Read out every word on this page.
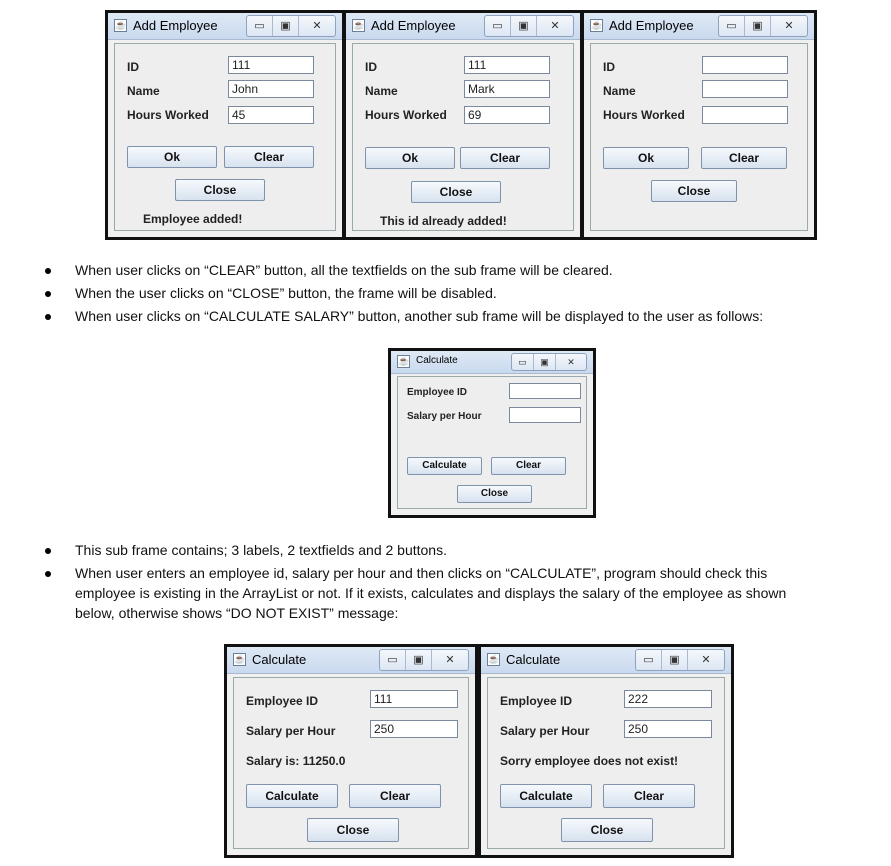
☕ Add Employee	▭	▣	✕
ID	111
Name	John
Hours Worked	45
Ok	Clear
Close
Employee added!
☕ Add Employee	▭	▣	✕
ID	111
Name	Mark
Hours Worked	69
Ok	Clear
Close
This id already added!
☕ Add Employee	▭	▣	✕
ID
Name
Hours Worked
Ok	Clear
Close
When user clicks on “CLEAR” button, all the textfields on the sub frame will be cleared.
When the user clicks on “CLOSE” button, the frame will be disabled.
When user clicks on “CALCULATE SALARY” button, another sub frame will be displayed to the user as follows:
☕ Calculate	▭	▣	✕
Employee ID
Salary per Hour
Calculate	Clear
Close
This sub frame contains; 3 labels, 2 textfields and 2 buttons.
When user enters an employee id, salary per hour and then clicks on “CALCULATE”, program should check this
employee is existing in the ArrayList or not. If it exists, calculates and displays the salary of the employee as shown
below, otherwise shows “DO NOT EXIST” message:
☕ Calculate	▭	▣	✕
Employee ID	111
Salary per Hour	250
Salary is: 11250.0
Calculate	Clear
Close
☕ Calculate	▭	▣	✕
Employee ID	222
Salary per Hour	250
Sorry employee does not exist!
Calculate	Clear
Close
